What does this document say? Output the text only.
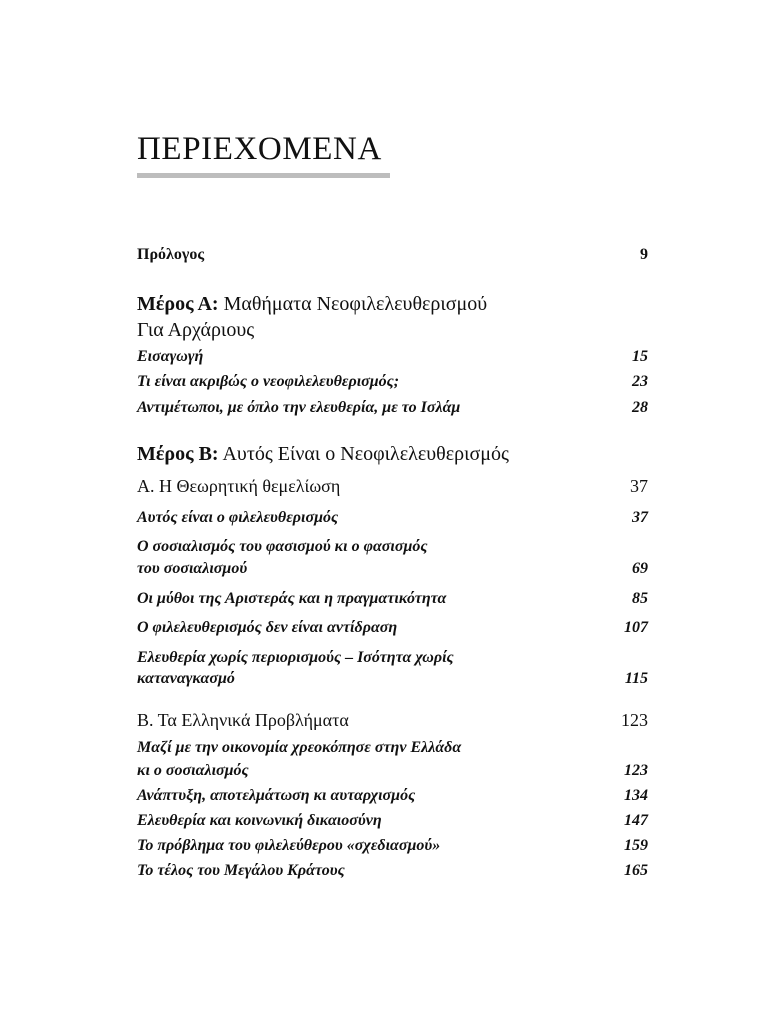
ΠΕΡΙΕΧΟΜΕΝΑ
Πρόλογος	9
Μέρος Α: Μαθήματα Νεοφιλελευθερισμού
Για Αρχάριους
Εισαγωγή	15
Τι είναι ακριβώς ο νεοφιλελευθερισμός;	23
Αντιμέτωποι, με όπλο την ελευθερία, με το Ισλάμ	28
Μέρος Β: Αυτός Είναι ο Νεοφιλελευθερισμός
Α. Η Θεωρητική θεμελίωση	37
Αυτός είναι ο φιλελευθερισμός	37
Ο σοσιαλισμός του φασισμού κι ο φασισμός
του σοσιαλισμού	69
Οι μύθοι της Αριστεράς και η πραγματικότητα	85
Ο φιλελευθερισμός δεν είναι αντίδραση	107
Ελευθερία χωρίς περιορισμούς – Ισότητα χωρίς
καταναγκασμό	115
Β. Τα Ελληνικά Προβλήματα	123
Μαζί με την οικονομία χρεοκόπησε στην Ελλάδα
κι ο σοσιαλισμός	123
Ανάπτυξη, αποτελμάτωση κι αυταρχισμός	134
Ελευθερία και κοινωνική δικαιοσύνη	147
Το πρόβλημα του φιλελεύθερου «σχεδιασμού»	159
Το τέλος του Μεγάλου Κράτους	165
